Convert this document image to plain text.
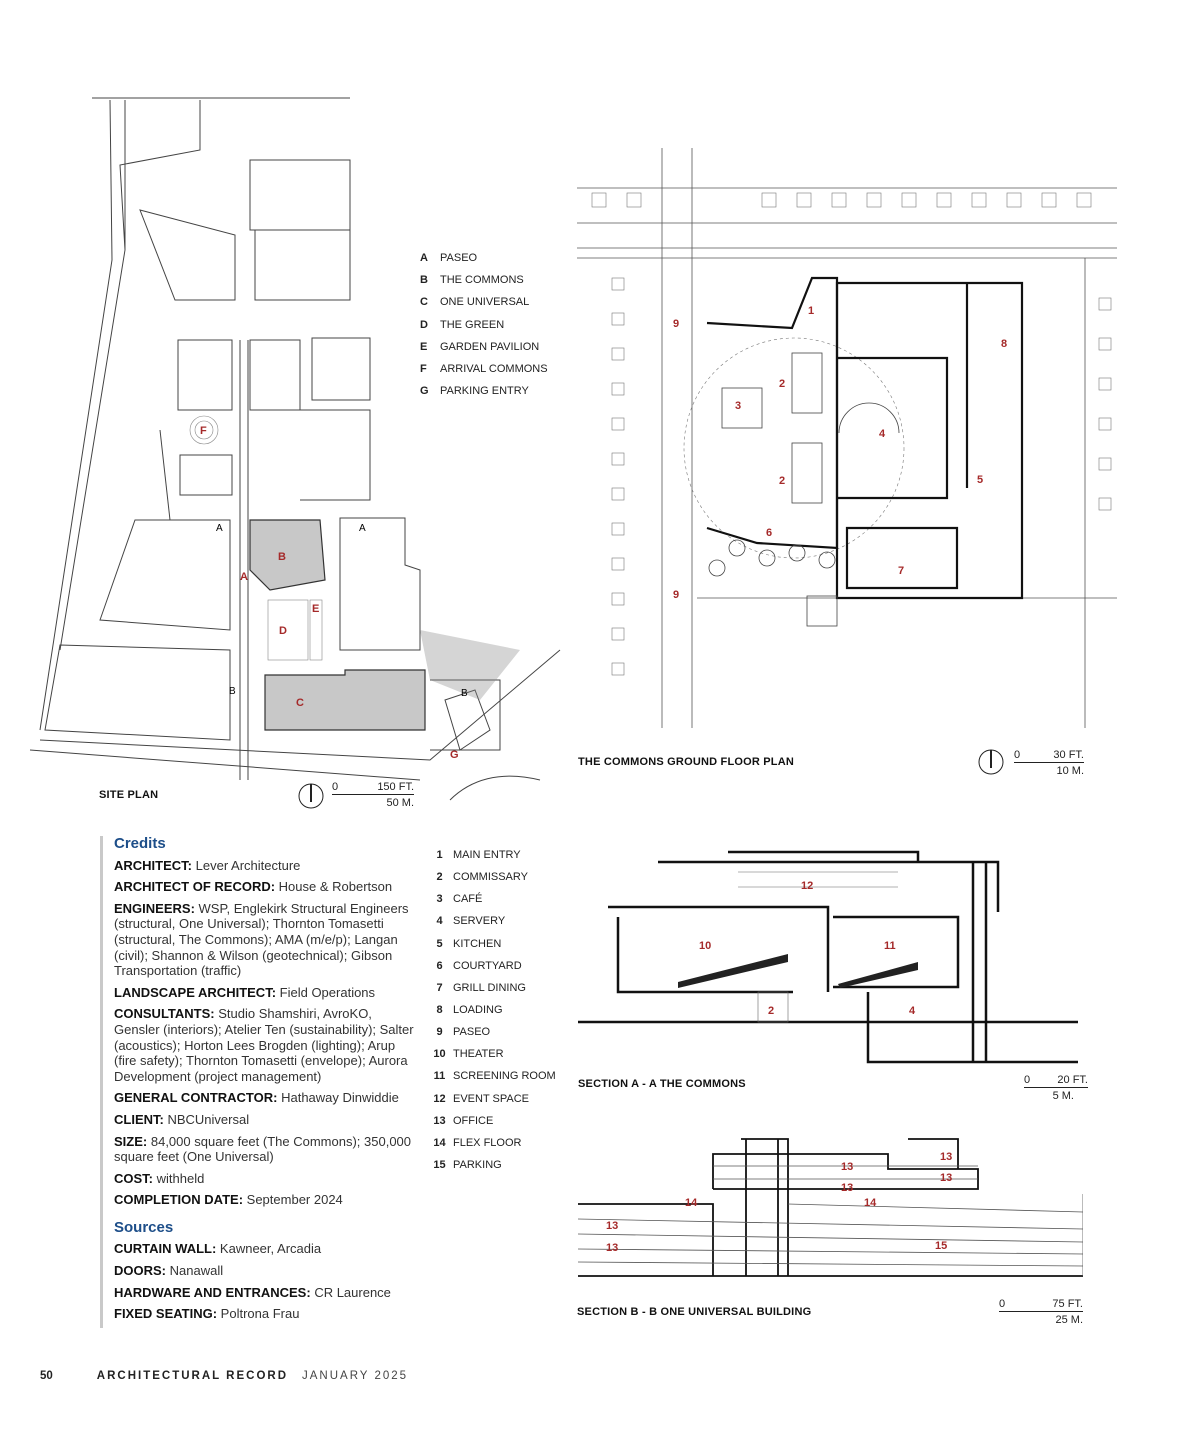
F
B
A
D
E
C
G
A	A
B	B
A	PASEO
B	THE COMMONS
C	ONE UNIVERSAL
D	THE GREEN
E	GARDEN PAVILION
F	ARRIVAL COMMONS
G	PARKING ENTRY
SITE PLAN
0	150 FT.
50 M.
1
2
2
3
4
5
6
7
8
9
9
THE COMMONS GROUND FLOOR PLAN
0	30 FT.
10 M.
Credits
ARCHITECT: Lever Architecture
ARCHITECT OF RECORD: House & Robertson
ENGINEERS: WSP, Englekirk Structural Engineers (structural, One Universal); Thornton Tomasetti (structural, The Commons); AMA (m/e/p); Langan (civil); Shannon & Wilson (geotechnical); Gibson Transportation (traffic)
LANDSCAPE ARCHITECT: Field Operations
CONSULTANTS: Studio Shamshiri, AvroKO, Gensler (interiors); Atelier Ten (sustainability); Salter (acoustics); Horton Lees Brogden (lighting); Arup (fire safety); Thornton Tomasetti (envelope); Aurora Development (project management)
GENERAL CONTRACTOR: Hathaway Dinwiddie
CLIENT: NBCUniversal
SIZE: 84,000 square feet (The Commons); 350,000 square feet (One Universal)
COST: withheld
COMPLETION DATE: September 2024
Sources
CURTAIN WALL: Kawneer, Arcadia
DOORS: Nanawall
HARDWARE AND ENTRANCES: CR Laurence
FIXED SEATING: Poltrona Frau
1 MAIN ENTRY
2 COMMISSARY
3 CAFÉ
4 SERVERY
5 KITCHEN
6 COURTYARD
7 GRILL DINING
8 LOADING
9 PASEO
10 THEATER
11 SCREENING ROOM
12 EVENT SPACE
13 OFFICE
14 FLEX FLOOR
15 PARKING
12
10	11
2	4
SECTION A - A THE COMMONS	0 20 FT.
5 M.
13
13
13
13
14	14
13
13	15
SECTION B - B ONE UNIVERSAL BUILDING
0	75 FT.
25 M.
50	ARCHITECTURAL RECORD JANUARY 2025
